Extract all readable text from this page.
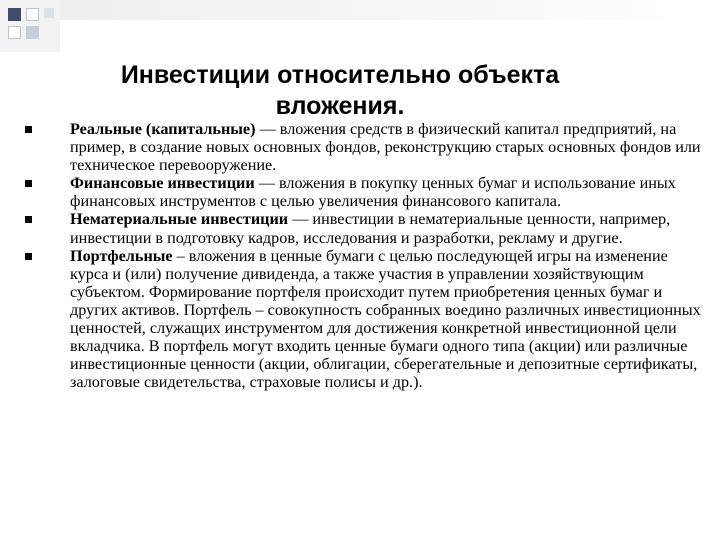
Инвестиции относительно объекта вложения.
Реальные (капитальные) — вложения средств в физический капитал предприятий, на пример, в создание новых основных фондов, реконструкцию старых основных фондов или техническое перевооружение.
Финансовые инвестиции — вложения в покупку ценных бумаг и использование иных финансовых инструментов с целью увеличения финансового капитала.
Нематериальные инвестиции — инвестиции в нематериальные ценности, например, инвестиции в подготовку кадров, исследования и разработки, рекламу и другие.
Портфельные – вложения в ценные бумаги с целью последующей игры на изменение курса и (или) получение дивиденда, а также участия в управлении хозяйствующим субъектом. Формирование портфеля происходит путем приобретения ценных бумаг и других активов. Портфель – совокупность собранных воедино различных инвестиционных ценностей, служащих инструментом для достижения конкретной инвестиционной цели вкладчика. В портфель могут входить ценные бумаги одного типа (акции) или различные инвестиционные ценности (акции, облигации, сберегательные и депозитные сертификаты, залоговые свидетельства, страховые полисы и др.).
